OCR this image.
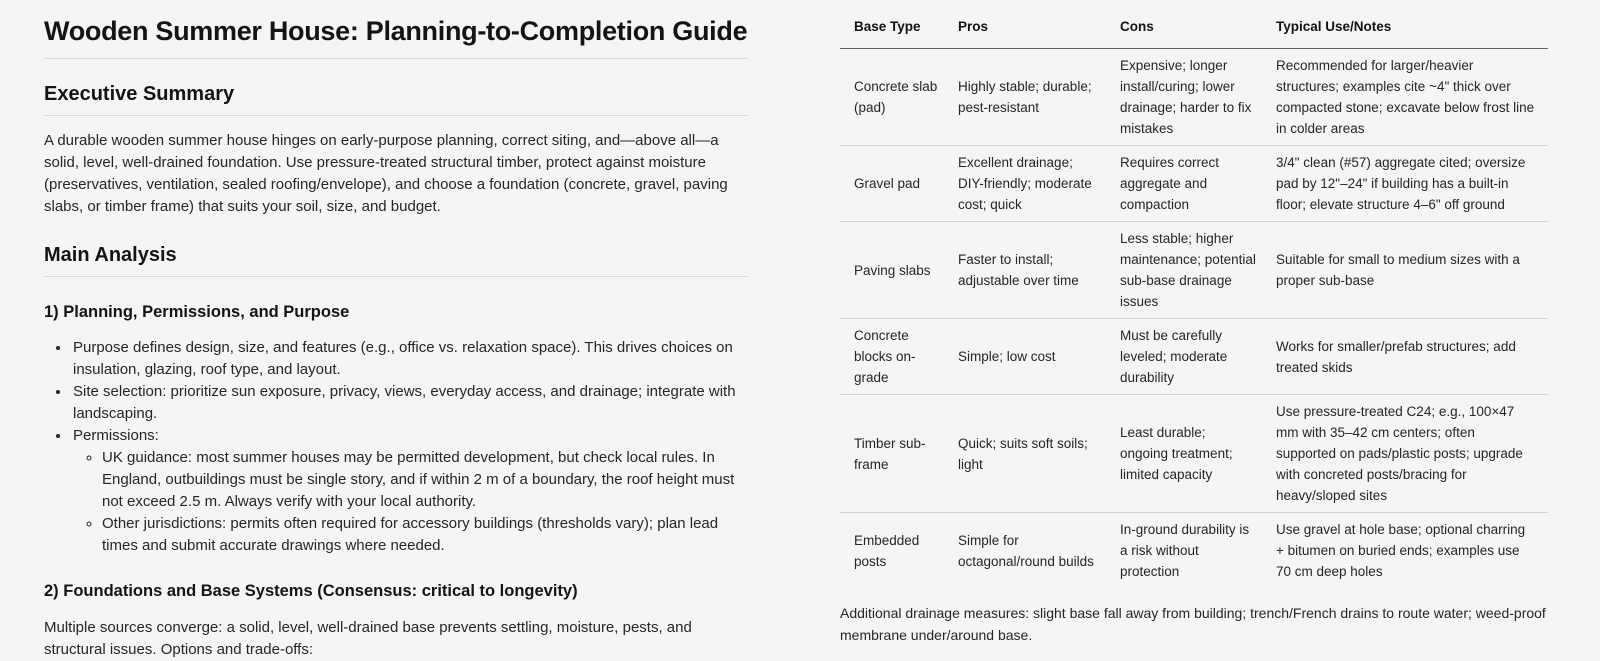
Wooden Summer House: Planning-to-Completion Guide
Executive Summary

A durable wooden summer house hinges on early-purpose planning, correct siting, and—above all—a solid, level, well-drained foundation. Use pressure-treated structural timber, protect against moisture (preservatives, ventilation, sealed roofing/envelope), and choose a foundation (concrete, gravel, paving slabs, or timber frame) that suits your soil, size, and budget.

Main Analysis
1) Planning, Permissions, and Purpose
• Purpose defines design, size, and features (e.g., office vs. relaxation space). This drives choices on insulation, glazing, roof type, and layout.
• Site selection: prioritize sun exposure, privacy, views, everyday access, and drainage; integrate with landscaping.
• Permissions:
◦ UK guidance: most summer houses may be permitted development, but check local rules. In England, outbuildings must be single story, and if within 2 m of a boundary, the roof height must not exceed 2.5 m. Always verify with your local authority.
◦ Other jurisdictions: permits often required for accessory buildings (thresholds vary); plan lead times and submit accurate drawings where needed.
2) Foundations and Base Systems (Consensus: critical to longevity)

Multiple sources converge: a solid, level, well-drained base prevents settling, moisture, pests, and structural issues. Options and trade-offs:

Base Type	Pros	Cons	Typical Use/Notes
Concrete slab (pad)	Highly stable; durable; pest-resistant	Expensive; longer install/curing; lower drainage; harder to fix mistakes	Recommended for larger/heavier structures; examples cite ~4" thick over compacted stone; excavate below frost line in colder areas
Gravel pad	Excellent drainage; DIY-friendly; moderate cost; quick	Requires correct aggregate and compaction	3/4" clean (#57) aggregate cited; oversize pad by 12"–24" if building has a built-in floor; elevate structure 4–6" off ground
Paving slabs	Faster to install; adjustable over time	Less stable; higher maintenance; potential sub-base drainage issues	Suitable for small to medium sizes with a proper sub-base
Concrete blocks on-grade	Simple; low cost	Must be carefully leveled; moderate durability	Works for smaller/prefab structures; add treated skids
Timber sub-frame	Quick; suits soft soils; light	Least durable; ongoing treatment; limited capacity	Use pressure-treated C24; e.g., 100×47 mm with 35–42 cm centers; often supported on pads/plastic posts; upgrade with concreted posts/bracing for heavy/sloped sites
Embedded posts	Simple for octagonal/round builds	In-ground durability is a risk without protection	Use gravel at hole base; optional charring + bitumen on buried ends; examples use 70 cm deep holes

Additional drainage measures: slight base fall away from building; trench/French drains to route water; weed-proof membrane under/around base.
